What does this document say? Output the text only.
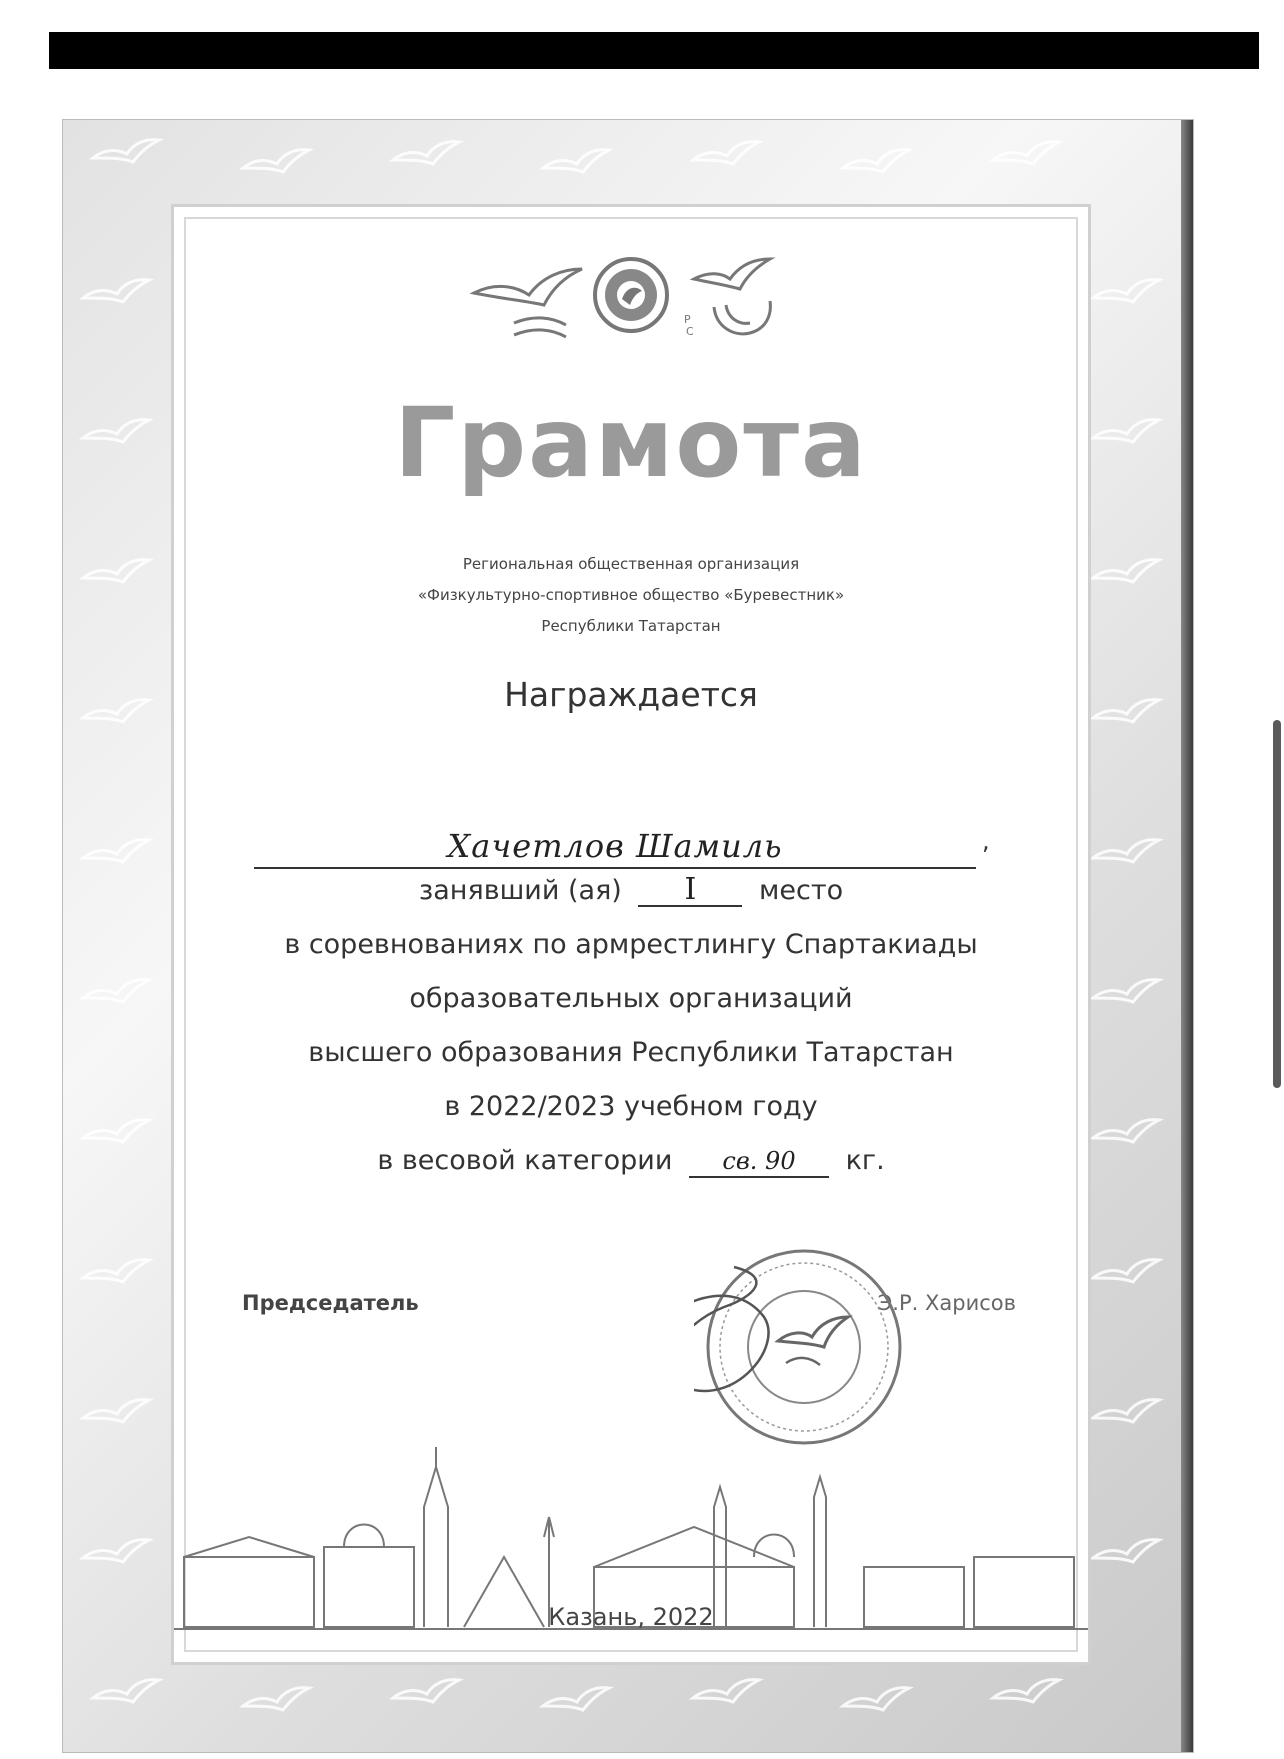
Р
С
Грамота
Региональная общественная организация
«Физкультурно-спортивное общество «Буревестник»
Республики Татарстан
Награждается
Хачетлов Шамиль	,
занявший (ая) I место
в соревнованиях по армрестлингу Спартакиады
образовательных организаций
высшего образования Республики Татарстан
в 2022/2023 учебном году
в весовой категории св. 90 кг.
Председатель	Э.Р. Харисов
Казань, 2022
